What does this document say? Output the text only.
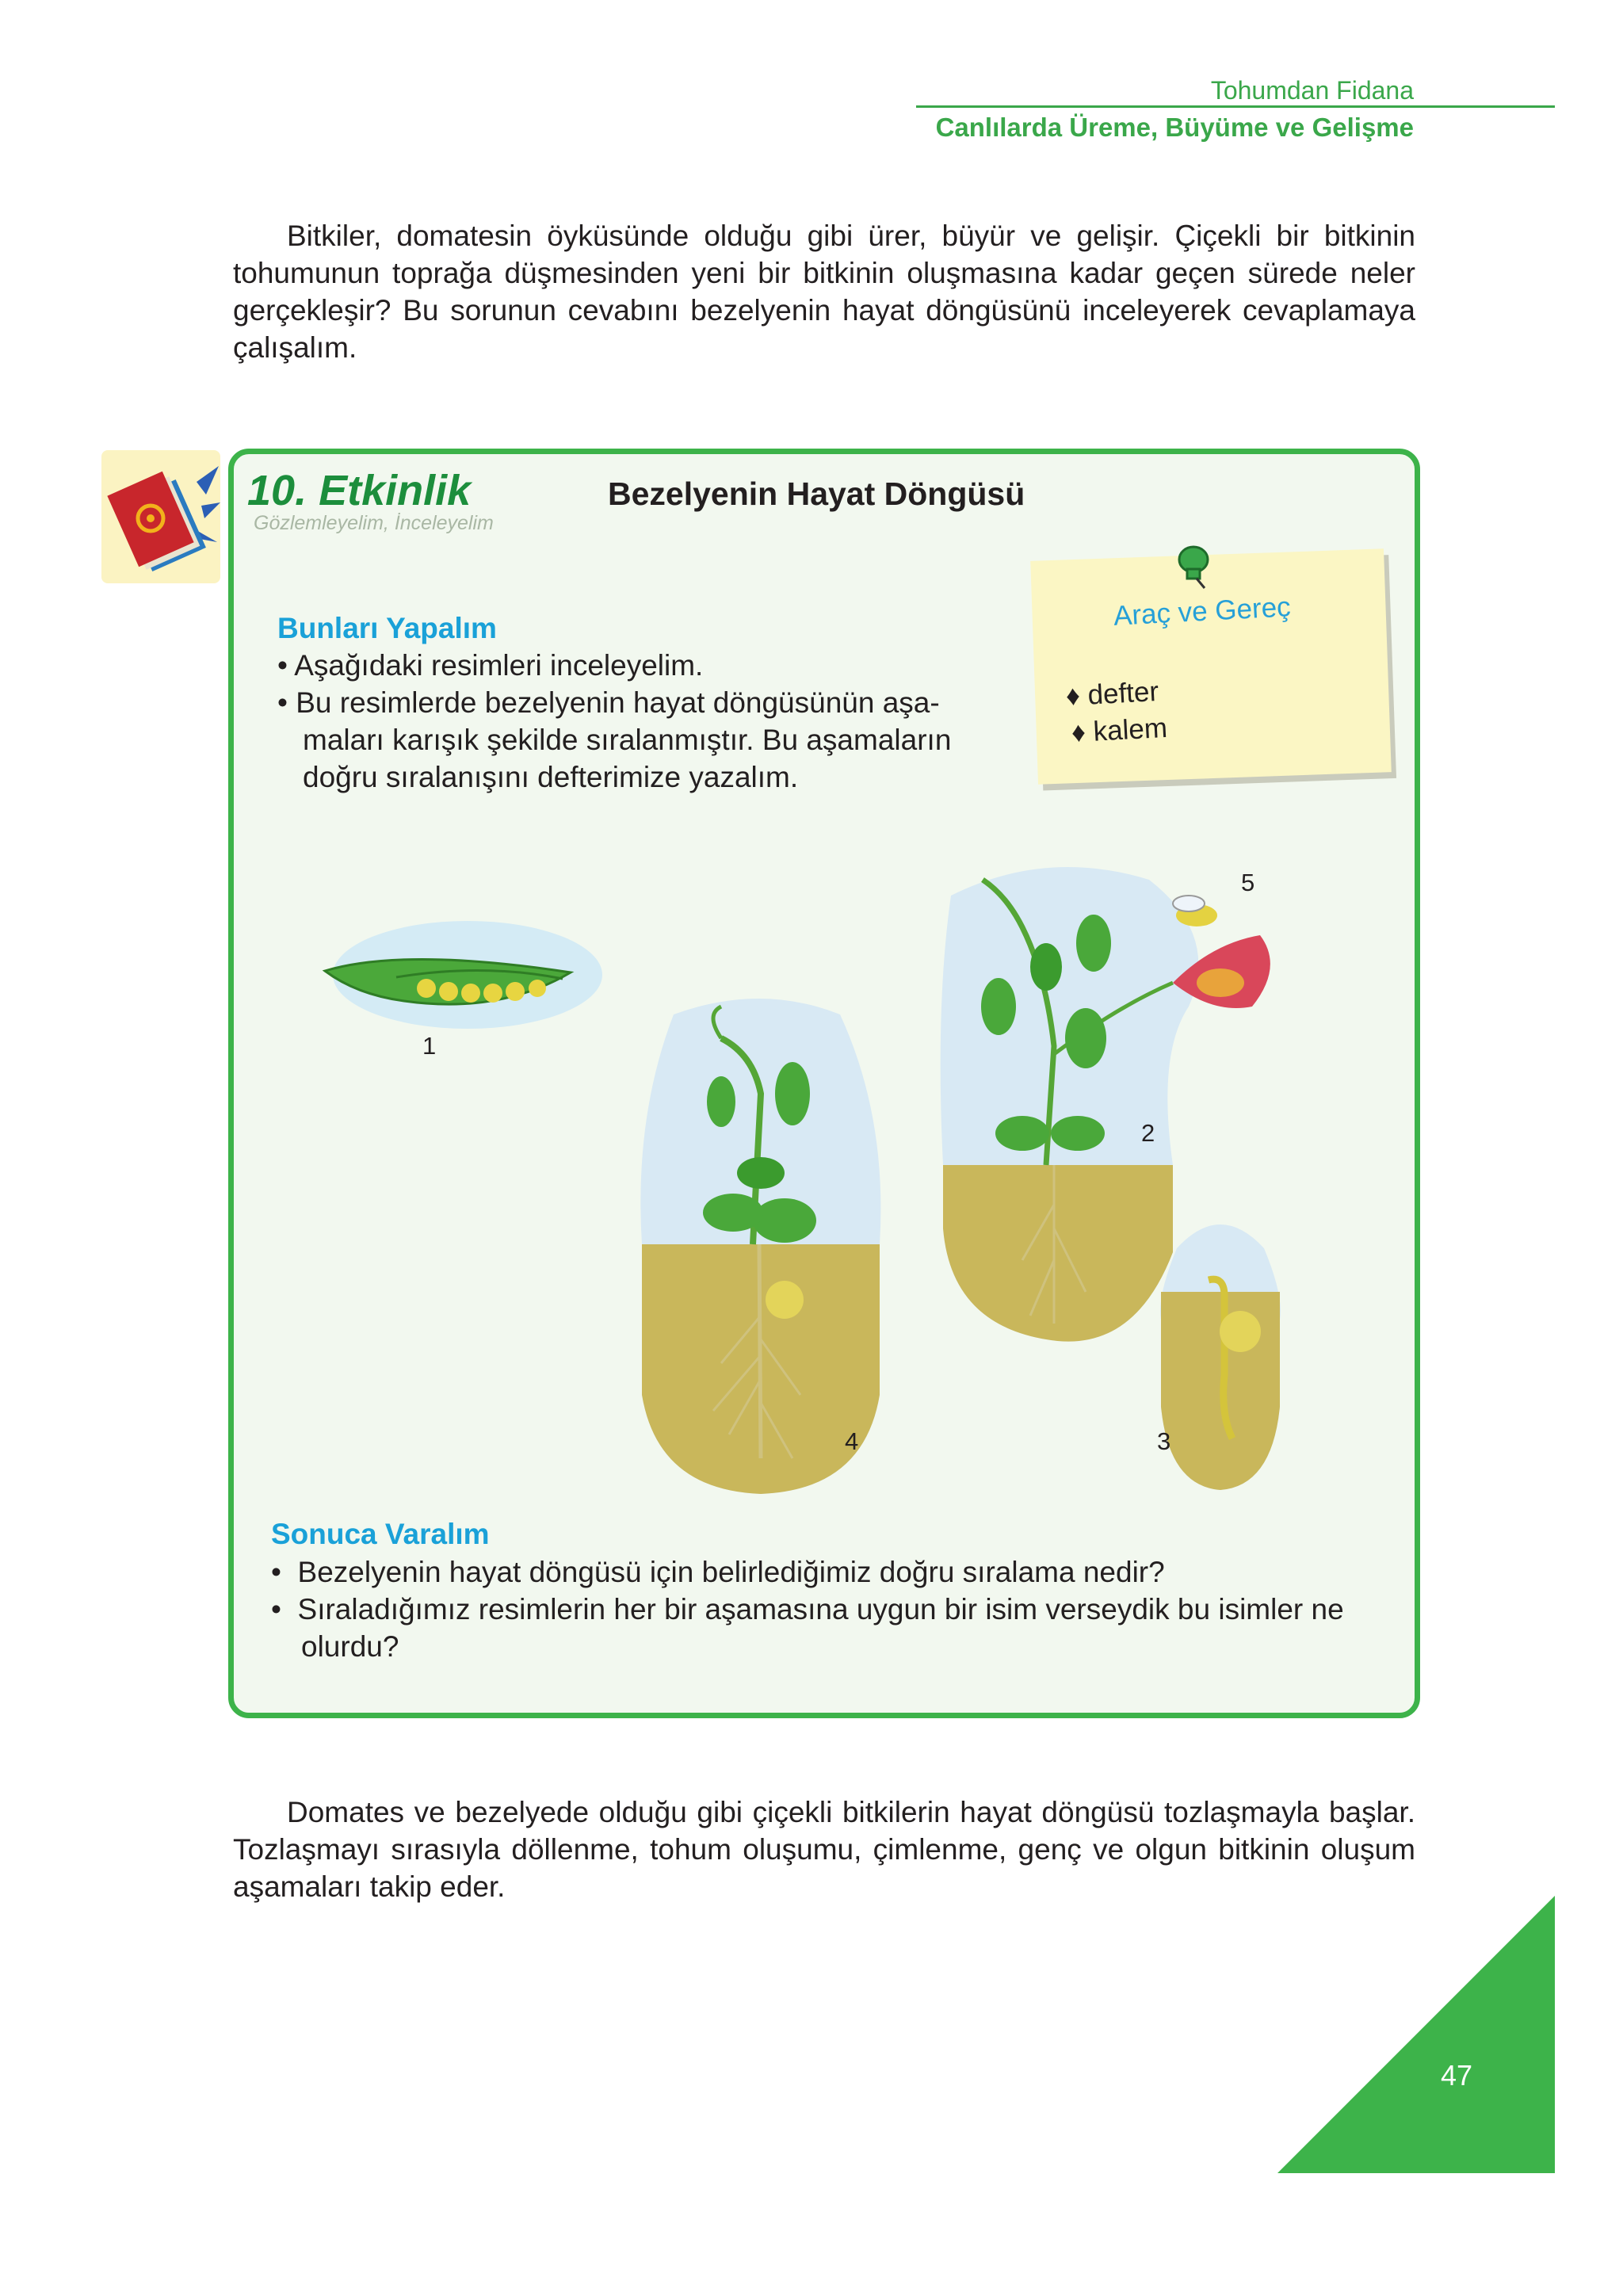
Tohumdan Fidana
Canlılarda Üreme, Büyüme ve Gelişme

Bitkiler, domatesin öyküsünde olduğu gibi ürer, büyür ve gelişir. Çiçekli bir bitkinin tohumunun toprağa düşmesinden yeni bir bitkinin oluşmasına kadar geçen sürede neler gerçekleşir? Bu sorunun cevabını bezelyenin hayat döngüsünü inceleyerek cevaplamaya çalışalım.

10. Etkinlik
Gözlemleyelim, İnceleyelim
Bezelyenin Hayat Döngüsü
Araç ve Gereç
♦ defter
♦ kalem
Bunları Yapalım
• Aşağıdaki resimleri inceleyelim.
• Bu resimlerde bezelyenin hayat döngüsünün aşa-
maları karışık şekilde sıralanmıştır. Bu aşamaların
doğru sıralanışını defterimize yazalım.
1
4
5
2
3
Sonuca Varalım
•  Bezelyenin hayat döngüsü için belirlediğimiz doğru sıralama nedir?
•  Sıraladığımız resimlerin her bir aşamasına uygun bir isim verseydik bu isimler ne
olurdu?

Domates ve bezelyede olduğu gibi çiçekli bitkilerin hayat döngüsü tozlaşmayla başlar. Tozlaşmayı sırasıyla döllenme, tohum oluşumu, çimlenme, genç ve olgun bitkinin oluşum aşamaları takip eder.

47
